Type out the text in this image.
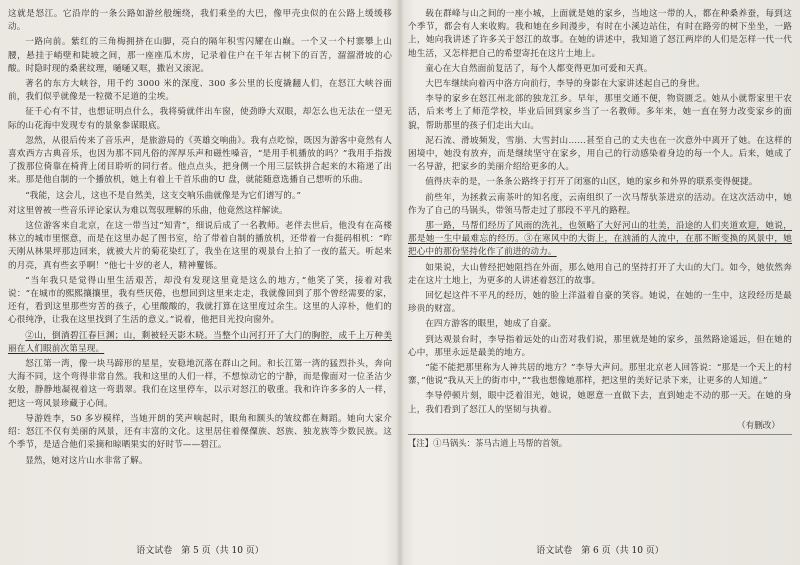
这就是怒江。它沿岸的一条公路如游丝般缠绕，我们乘坐的大巴，像甲壳虫似的在公路上缓缓移动。

一路向前。紫红的三角梅拥挤在山脚，亮白的隔年积雪闪耀在山巅。一个又一个村寨攀上山腰，悬挂于峭壁和陡坡之间，那一座座瓜木房，记录着住户在千年古树下的百苦，溜溜滑坡的心酸。时隐时现的桑葚纹理，嗵嗵又哐，撒岩又滚泥。

著名的东方大峡谷，用千约 3000 米的深度、300 多公里的长度撬翻人们，在怒江大峡谷面前，我们似乎就像是一粒微不足道的尘埃。

征千心有不甘，也想证明点什么，我将骑就伴出车窗，使劲睁大双眼，却怎么也无法在一望无际的山花海中发现专有的景象参谋眼底。

忽然，从很后传来了音乐声，是旅游局的《英雄交响曲》。我有点吃惊，既因为游客中竟然有人喜欢西方古典音乐，也因为那不同凡俗的浑厚乐声和磁性嗓音，“是用手机播放的吗？”我用手指拨了拨那位倚靠在椅背上闭目聆听的同行者。他点点头，把身侧一个用三层铁拼合起来的木箱递了出来。那是他自制的一个播放机，她上有着上千首乐曲的U 盘，就能随意选播自己想听的乐曲。

“我能，这会儿，这也不是自然美，这支交响乐曲就像是为它们谱写的。”

对这里曾被一些音乐评论家认为难以驾驭理解的乐曲，他竟然这样解读。

这位游客来自北京，在这一带当过“知青”，细说后成了一名教师。老伴去世后，他没有在高楼林立的城市里惬意，而是在这里办起了图书室，给了带着自制的播放机，还带着一台挺码相机：“昨天刚从林果坪那边回来，就被大片的菊花染红了，我坐在这里的观景台上拍了一夜的蓝天。听起来的月亮，真有些玄乎啊！”他七十岁的老人，精神矍铄。

“当年我只是觉得山里生活艰苦，却没有发现这里竟是这么的地方，”他笑了笑，接着对我说：“在城市的熙熙攘攘里，我有些厌倦，也想回到这里来走走，我就像回到了那个曾经需要的家，还有，看到这里那些穷苦的孩子，心里酸酸的，我就打算在这里度过余生。这里的人淳朴，他们的心很纯净，让我在这里找到了生活的意义。”说着，他把目光投向窗外。

②山，倒淌碧江春巨渊；山，剩被轻天影木晓。当整个山河打开了大门的胸腔，成千上万种美丽在人们眼前次第呈现。

怒江第一湾，像一块马蹄形的星星，安稳地沉落在群山之间。和长江第一湾的猛烈扑头，奔向大海不同，这个弯得非常自然。我和这里的人们一样，不想惊动它的宁静，而是像面对一位圣洁少女般，静静地凝视着这一弯翡翠。我们在这里停车，以示对怒江的敬重。我和许许多多的人一样，把这一弯风景珍藏于心间。

导游姓李，50 多岁模样，当她开朗的笑声响起时，眼角和额头的皱纹都在舞蹈。她向大家介绍：怒江不仅有美丽的风景，还有丰富的文化。这里居住着傈僳族、怒族、独龙族等少数民族。这个季节，是适合他们采摘和晾晒果实的好时节——碧江。

显然，她对这片山水非常了解。

语文试卷　第 5 页（共 10 页）

载在群峰与山之间的一座小城，上面就是她的家乡，当地这一带的人，都在种桑养蚕，每到这个季节，都会有人来收购。我和她在乡间漫步，有时在小溪边站住，有时在路旁的树下坐坐，一路上，她向我讲述了许多关于怒江的故事。在她的讲述中，我知道了怒江两岸的人们是怎样一代一代地生活，又怎样把自己的希望寄托在这片土地上。

童心在大自然面前复活了，每个人都变得更加可爱和天真。

大巴车继续向着丙中洛方向前行，李导的身影在大家讲述起自己的身世。

李导的家乡在怒江州北部的独龙江乡。早年，那里交通不便，物资匮乏。她从小就帮家里干农活，后来考上了师范学校，毕业后回到家乡当了一名教师。多年来，她一直在努力改变家乡的面貌，帮助那里的孩子们走出大山。

泥石流、滑坡频发，雪崩、大雪封山……甚至自己的丈夫也在一次意外中离开了她。在这样的困境中，她没有放弃，而是继续坚守在家乡，用自己的行动感染着身边的每一个人。后来，她成了一名导游，把家乡的美丽介绍给更多的人。

值得庆幸的是，一条条公路终于打开了闭塞的山区，她的家乡和外界的联系变得便捷。

前些年，为拯救云南茶叶的知名度，云南组织了一次马帮驮茶进京的活动。在这次活动中，她作为了自己的马锅头，带领马帮走过了那段不平凡的路程。

那一路，马帮们经历了风雨的洗礼，也领略了大好河山的壮美，沿途的人们夹道欢迎，她说，那是她一生中最难忘的经历。③在寒风中的大街上，在汹涌的人流中，在那不断变换的风景中，她把心中的那份坚持化作了前进的动力。

如果说，大山曾经把她阻挡在外面，那么她用自己的坚持打开了大山的大门。如今，她依然奔走在这片土地上，为更多的人讲述着怒江的故事。

回忆起这件不平凡的经历，她的脸上洋溢着自豪的笑容。她说，在她的一生中，这段经历是最珍贵的财富。

在四方游客的眼里，她成了自豪。

到达观景台时，李导指着远处的山峦对我们说，那里就是她的家乡，虽然路途遥远，但在她的心中，那里永远是最美的地方。

“能不能把那里称为人神共居的地方？”李导大声问。那里北京老人回答说：“那是一个天上的村寨，”他说“我从天上的街市中，”“我也想像她那样，把这里的美好记录下来，让更多的人知道。”

李导停顿片刻，眼中泛着泪光，她说，她愿意一直做下去，直到她走不动的那一天。在她的身上，我们看到了怒江人的坚韧与执着。

（有删改）
【注】①马锅头：茶马古道上马帮的首领。
语文试卷　第 6 页（共 10 页）
